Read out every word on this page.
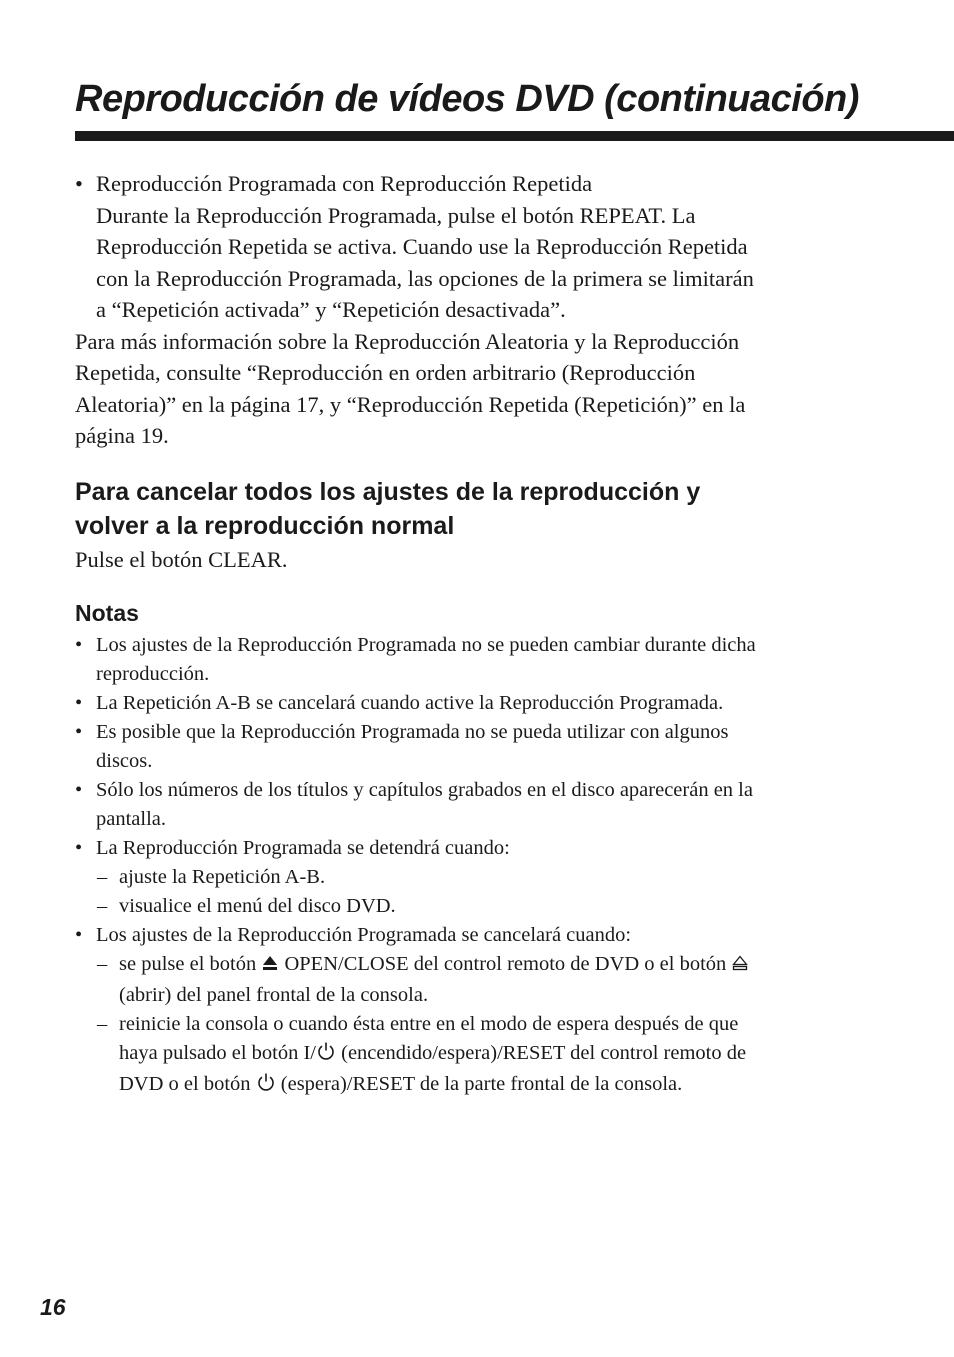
Reproducción de vídeos DVD (continuación)
• Reproducción Programada con Reproducción Repetida
Durante la Reproducción Programada, pulse el botón REPEAT. La
Reproducción Repetida se activa. Cuando use la Reproducción Repetida
con la Reproducción Programada, las opciones de la primera se limitarán
a “Repetición activada” y “Repetición desactivada”.
Para más información sobre la Reproducción Aleatoria y la Reproducción
Repetida, consulte “Reproducción en orden arbitrario (Reproducción
Aleatoria)” en la página 17, y “Reproducción Repetida (Repetición)” en la
página 19.
Para cancelar todos los ajustes de la reproducción y
volver a la reproducción normal
Pulse el botón CLEAR.
Notas
• Los ajustes de la Reproducción Programada no se pueden cambiar durante dicha
reproducción.
• La Repetición A-B se cancelará cuando active la Reproducción Programada.
• Es posible que la Reproducción Programada no se pueda utilizar con algunos
discos.
• Sólo los números de los títulos y capítulos grabados en el disco aparecerán en la
pantalla.
• La Reproducción Programada se detendrá cuando:
– ajuste la Repetición A-B.
– visualice el menú del disco DVD.
• Los ajustes de la Reproducción Programada se cancelará cuando:
– se pulse el botón OPEN/CLOSE del control remoto de DVD o el botón
(abrir) del panel frontal de la consola.
– reinicie la consola o cuando ésta entre en el modo de espera después de que
haya pulsado el botón I/ (encendido/espera)/RESET del control remoto de
DVD o el botón (espera)/RESET de la parte frontal de la consola.
16
